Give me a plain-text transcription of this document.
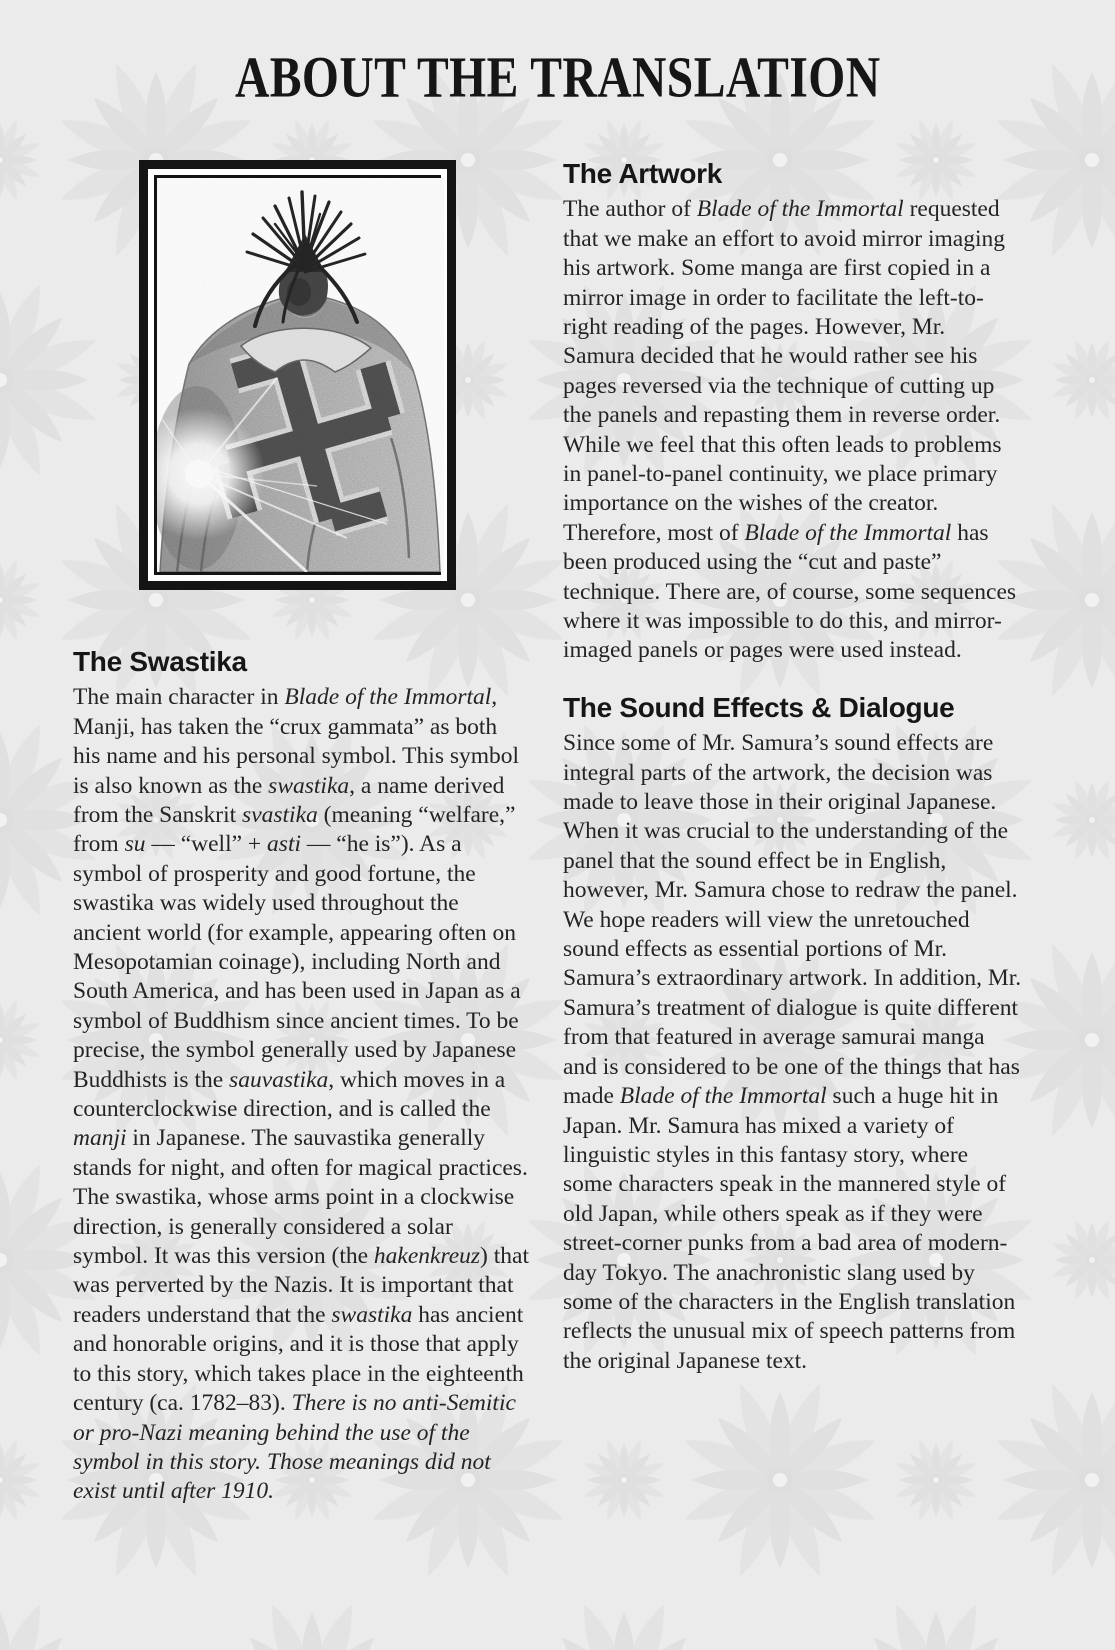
ABOUT THE TRANSLATION
The Swastika

The main character in Blade of the Immortal, Manji, has taken the “crux gammata” as both his name and his personal symbol. This symbol is also known as the swastika, a name derived from the Sanskrit svastika (meaning “welfare,” from su — “well” + asti — “he is”). As a symbol of prosperity and good fortune, the swastika was widely used throughout the ancient world (for example, appearing often on Mesopotamian coinage), including North and South America, and has been used in Japan as a symbol of Buddhism since ancient times. To be precise, the symbol generally used by Japanese Buddhists is the sauvastika, which moves in a counterclockwise direction, and is called the manji in Japanese. The sauvastika generally stands for night, and often for magical practices. The swastika, whose arms point in a clockwise direction, is generally considered a solar symbol. It was this version (the hakenkreuz) that was perverted by the Nazis. It is important that readers understand that the swastika has ancient and honorable origins, and it is those that apply to this story, which takes place in the eighteenth century (ca. 1782–83). There is no anti-Semitic or pro-Nazi meaning behind the use of the symbol in this story. Those meanings did not exist until after 1910.

The Artwork

The author of Blade of the Immortal requested that we make an effort to avoid mirror imaging his artwork. Some manga are first copied in a mirror image in order to facilitate the left-to-right reading of the pages. However, Mr. Samura decided that he would rather see his pages reversed via the technique of cutting up the panels and repasting them in reverse order. While we feel that this often leads to problems in panel-to-panel continuity, we place primary importance on the wishes of the creator. Therefore, most of Blade of the Immortal has been produced using the “cut and paste” technique. There are, of course, some sequences where it was impossible to do this, and mirror-imaged panels or pages were used instead.

The Sound Effects & Dialogue

Since some of Mr. Samura’s sound effects are integral parts of the artwork, the decision was made to leave those in their original Japanese. When it was crucial to the understanding of the panel that the sound effect be in English, however, Mr. Samura chose to redraw the panel. We hope readers will view the unretouched sound effects as essential portions of Mr. Samura’s extraordinary artwork. In addition, Mr. Samura’s treatment of dialogue is quite different from that featured in average samurai manga and is considered to be one of the things that has made Blade of the Immortal such a huge hit in Japan. Mr. Samura has mixed a variety of linguistic styles in this fantasy story, where some characters speak in the mannered style of old Japan, while others speak as if they were street-corner punks from a bad area of modern-day Tokyo. The anachronistic slang used by some of the characters in the English translation reflects the unusual mix of speech patterns from the original Japanese text.
